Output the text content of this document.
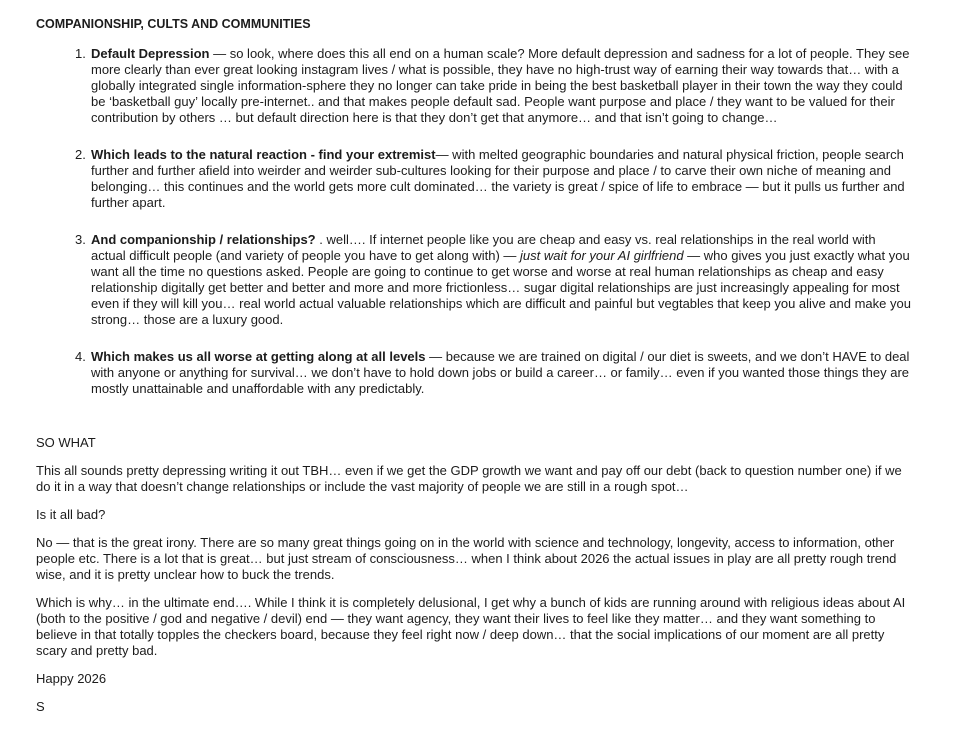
COMPANIONSHIP, CULTS AND COMMUNITIES
1. Default Depression — so look, where does this all end on a human scale? More default depression and sadness for a lot of people. They see more clearly than ever great looking instagram lives / what is possible, they have no high-trust way of earning their way towards that… with a globally integrated single information-sphere they no longer can take pride in being the best basketball player in their town the way they could be ‘basketball guy’ locally pre-internet.. and that makes people default sad. People want purpose and place / they want to be valued for their contribution by others … but default direction here is that they don’t get that anymore… and that isn’t going to change…
2. Which leads to the natural reaction - find your extremist— with melted geographic boundaries and natural physical friction, people search further and further afield into weirder and weirder sub-cultures looking for their purpose and place / to carve their own niche of meaning and belonging… this continues and the world gets more cult dominated… the variety is great / spice of life to embrace — but it pulls us further and further apart.
3. And companionship / relationships? . well…. If internet people like you are cheap and easy vs. real relationships in the real world with actual difficult people (and variety of people you have to get along with) — just wait for your AI girlfriend — who gives you just exactly what you want all the time no questions asked. People are going to continue to get worse and worse at real human relationships as cheap and easy relationship digitally get better and better and more and more frictionless… sugar digital relationships are just increasingly appealing for most even if they will kill you… real world actual valuable relationships which are difficult and painful but vegtables that keep you alive and make you strong… those are a luxury good.
4. Which makes us all worse at getting along at all levels — because we are trained on digital / our diet is sweets, and we don’t HAVE to deal with anyone or anything for survival… we don’t have to hold down jobs or build a career… or family… even if you wanted those things they are mostly unattainable and unaffordable with any predictably.
SO WHAT

This all sounds pretty depressing writing it out TBH… even if we get the GDP growth we want and pay off our debt (back to question number one) if we do it in a way that doesn’t change relationships or include the vast majority of people we are still in a rough spot…

Is it all bad?

No — that is the great irony. There are so many great things going on in the world with science and technology, longevity, access to information, other people etc. There is a lot that is great… but just stream of consciousness… when I think about 2026 the actual issues in play are all pretty rough trend wise, and it is pretty unclear how to buck the trends.

Which is why… in the ultimate end…. While I think it is completely delusional, I get why a bunch of kids are running around with religious ideas about AI (both to the positive / god and negative / devil) end — they want agency, they want their lives to feel like they matter… and they want something to believe in that totally topples the checkers board, because they feel right now / deep down… that the social implications of our moment are all pretty scary and pretty bad.

Happy 2026

S
